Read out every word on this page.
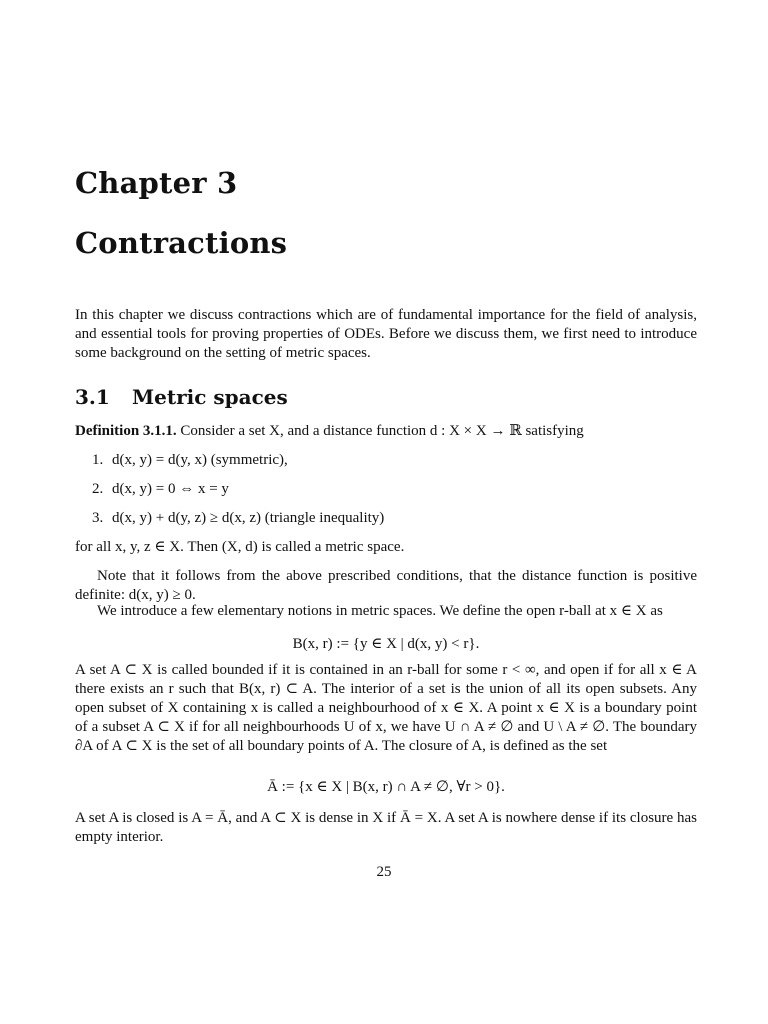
Chapter 3
Contractions
In this chapter we discuss contractions which are of fundamental importance for the field of analysis, and essential tools for proving properties of ODEs. Before we discuss them, we first need to introduce some background on the setting of metric spaces.
3.1 Metric spaces
Definition 3.1.1. Consider a set X, and a distance function d : X × X → ℝ satisfying
1. d(x, y) = d(y, x) (symmetric),
2. d(x, y) = 0 ⇔ x = y
3. d(x, y) + d(y, z) ≥ d(x, z) (triangle inequality)
for all x, y, z ∈ X. Then (X, d) is called a metric space.
Note that it follows from the above prescribed conditions, that the distance function is positive definite: d(x, y) ≥ 0.
We introduce a few elementary notions in metric spaces. We define the open r-ball at x ∈ X as
B(x, r) := {y ∈ X | d(x, y) < r}.
A set A ⊂ X is called bounded if it is contained in an r-ball for some r < ∞, and open if for all x ∈ A there exists an r such that B(x, r) ⊂ A. The interior of a set is the union of all its open subsets. Any open subset of X containing x is called a neighbourhood of x ∈ X. A point x ∈ X is a boundary point of a subset A ⊂ X if for all neighbourhoods U of x, we have U ∩ A ≠ ∅ and U \ A ≠ ∅. The boundary ∂A of A ⊂ X is the set of all boundary points of A. The closure of A, is defined as the set
Ā := {x ∈ X | B(x, r) ∩ A ≠ ∅, ∀r > 0}.
A set A is closed is A = Ā, and A ⊂ X is dense in X if Ā = X. A set A is nowhere dense if its closure has empty interior.
25
